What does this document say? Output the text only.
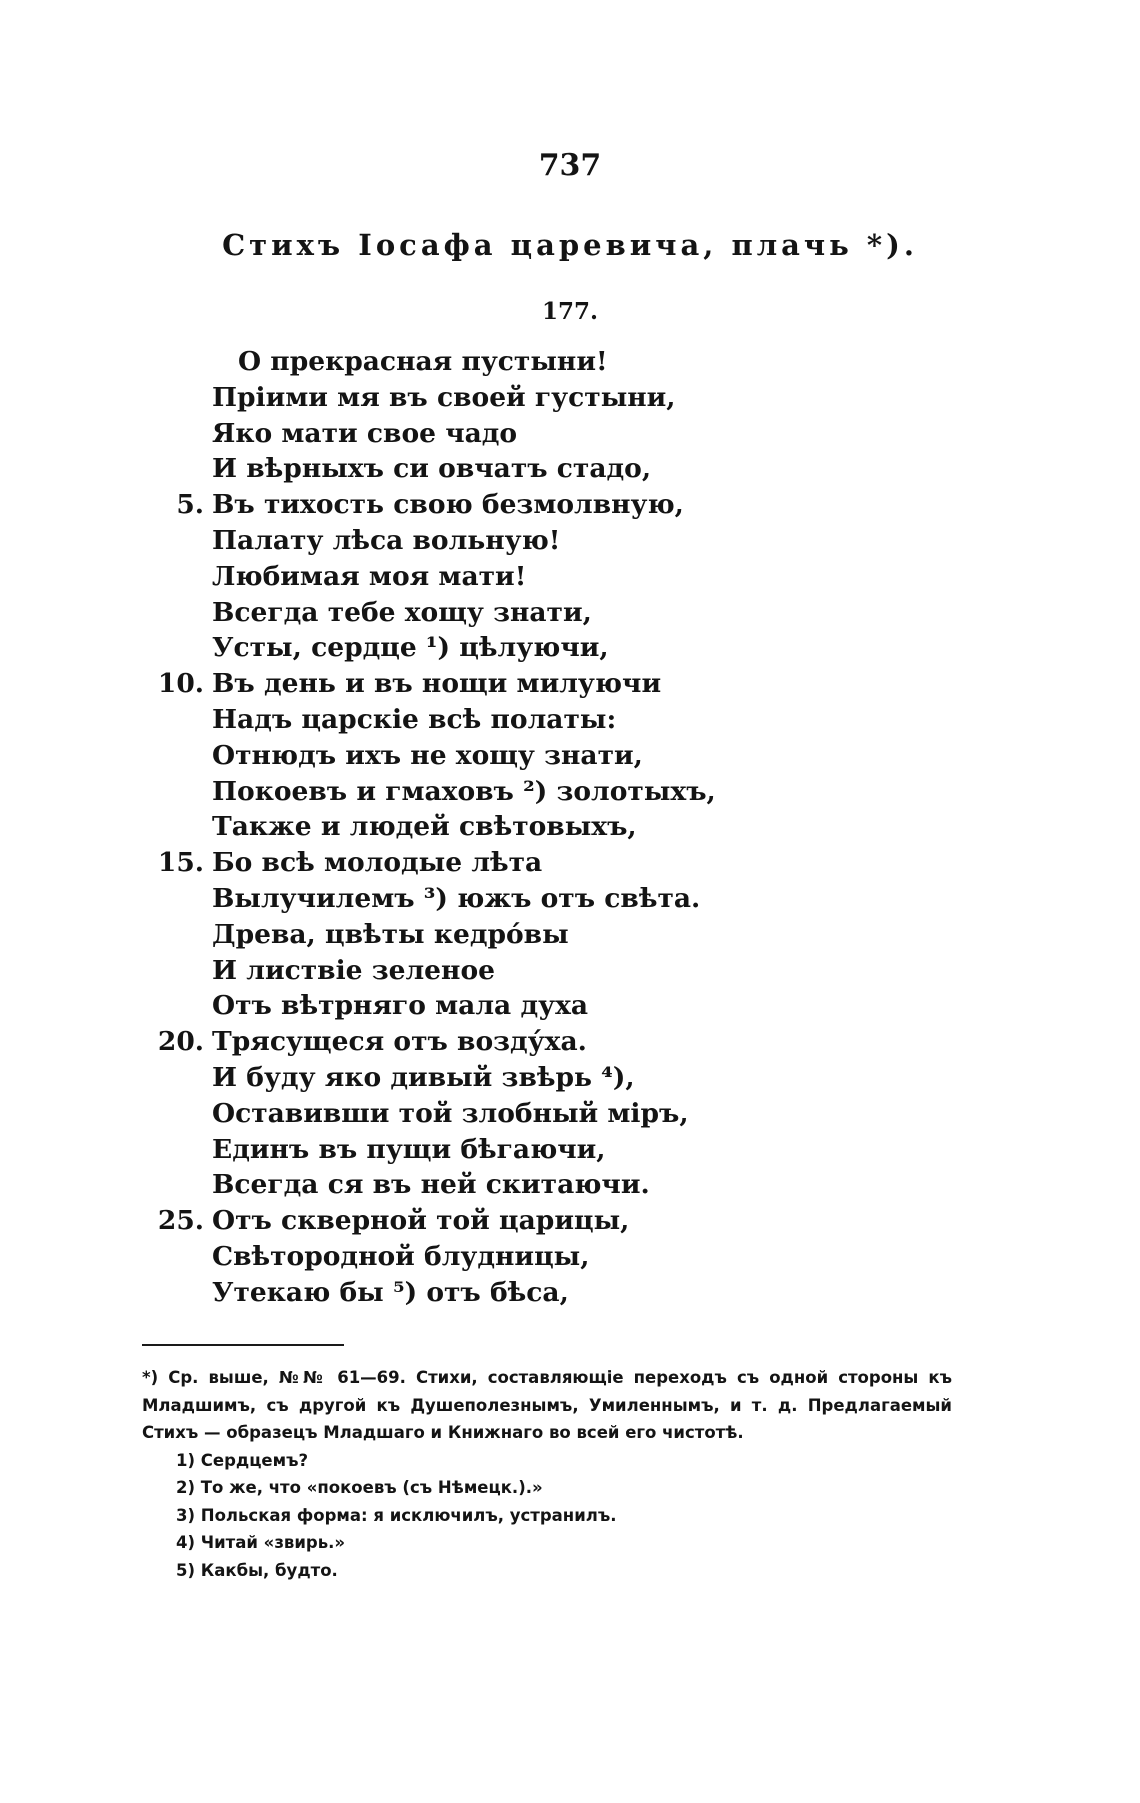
737
Стихъ Іосафа царевича, плачь *).
177.
О прекрасная пустыни!
Пріими мя въ своей густыни,
Яко мати свое чадо
И вѣрныхъ си овчатъ стадо,
5. Въ тихость свою безмолвную,
Палату лѣса вольную!
Любимая моя мати!
Всегда тебе хощу знати,
Усты, сердце ¹) цѣлуючи,
10. Въ день и въ нощи милуючи
Надъ царскіе всѣ полаты:
Отнюдъ ихъ не хощу знати,
Покоевъ и гмаховъ ²) золотыхъ,
Также и людей свѣтовыхъ,
15. Бо всѣ молодые лѣта
Вылучилемъ ³) южъ отъ свѣта.
Древа, цвѣты кедро́вы
И листвіе зеленое
Отъ вѣтрняго мала духа
20. Трясущеся отъ возду́ха.
И буду яко дивый звѣрь ⁴),
Оставивши той злобный міръ,
Единъ въ пущи бѣгаючи,
Всегда ся въ ней скитаючи.
25. Отъ скверной той царицы,
Свѣтородной блудницы,
Утекаю бы ⁵) отъ бѣса,

*) Ср. выше, №№ 61—69. Стихи, составляющіе переходъ съ одной стороны къ Младшимъ, съ другой къ Душеполезнымъ, Умиленнымъ, и т. д. Предлагаемый Стихъ — образецъ Младшаго и Книжнаго во всей его чистотѣ.

1) Сердцемъ?
2) То же, что «покоевъ (съ Нѣмецк.).»
3) Польская форма: я исключилъ, устранилъ.
4) Читай «звирь.»
5) Какбы, будто.
